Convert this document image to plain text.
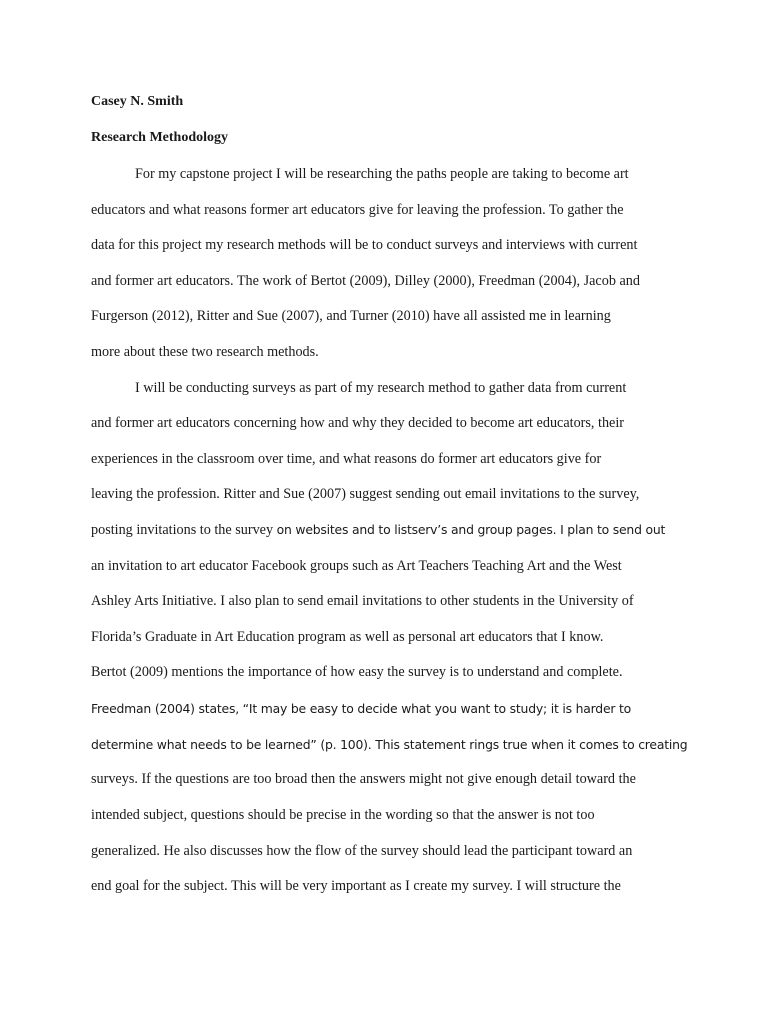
Casey N. Smith
Research Methodology
For my capstone project I will be researching the paths people are taking to become art
educators and what reasons former art educators give for leaving the profession. To gather the
data for this project my research methods will be to conduct surveys and interviews with current
and former art educators. The work of Bertot (2009), Dilley (2000), Freedman (2004), Jacob and
Furgerson (2012), Ritter and Sue (2007), and Turner (2010) have all assisted me in learning
more about these two research methods.
I will be conducting surveys as part of my research method to gather data from current
and former art educators concerning how and why they decided to become art educators, their
experiences in the classroom over time, and what reasons do former art educators give for
leaving the profession. Ritter and Sue (2007) suggest sending out email invitations to the survey,
posting invitations to the survey on websites and to listserv’s and group pages. I plan to send out
an invitation to art educator Facebook groups such as Art Teachers Teaching Art and the West
Ashley Arts Initiative. I also plan to send email invitations to other students in the University of
Florida’s Graduate in Art Education program as well as personal art educators that I know.
Bertot (2009) mentions the importance of how easy the survey is to understand and complete.
Freedman (2004) states, “It may be easy to decide what you want to study; it is harder to
determine what needs to be learned” (p. 100). This statement rings true when it comes to creating
surveys. If the questions are too broad then the answers might not give enough detail toward the
intended subject, questions should be precise in the wording so that the answer is not too
generalized. He also discusses how the flow of the survey should lead the participant toward an
end goal for the subject. This will be very important as I create my survey. I will structure the
